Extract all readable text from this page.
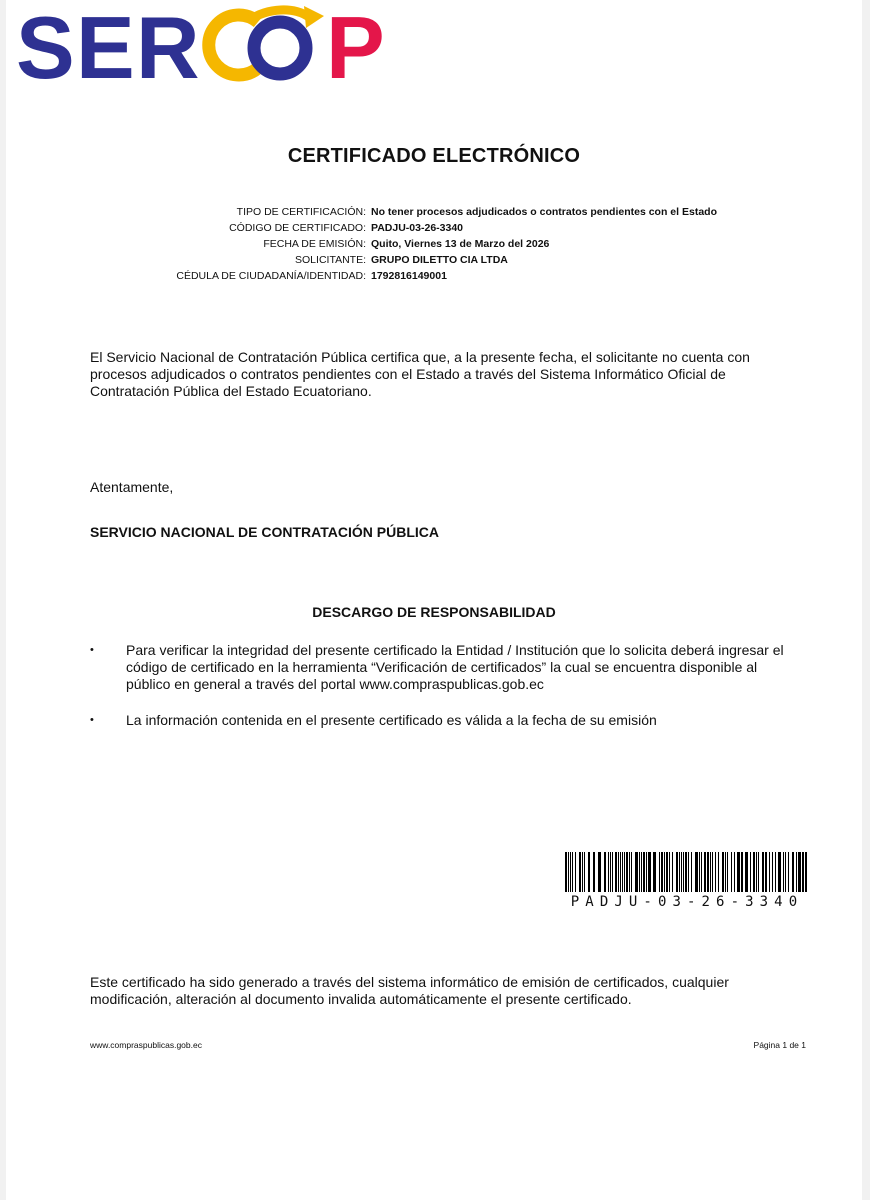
S E R P
CERTIFICADO ELECTRÓNICO
TIPO DE CERTIFICACIÓN: No tener procesos adjudicados o contratos pendientes con el Estado
CÓDIGO DE CERTIFICADO: PADJU-03-26-3340
FECHA DE EMISIÓN: Quito, Viernes 13 de Marzo del 2026
SOLICITANTE: GRUPO DILETTO CIA LTDA
CÉDULA DE CIUDADANÍA/IDENTIDAD: 1792816149001
El Servicio Nacional de Contratación Pública certifica que, a la presente fecha, el solicitante no cuenta con procesos adjudicados o contratos pendientes con el Estado a través del Sistema Informático Oficial de Contratación Pública del Estado Ecuatoriano.
Atentamente,
SERVICIO NACIONAL DE CONTRATACIÓN PÚBLICA
DESCARGO DE RESPONSABILIDAD
•	Para verificar la integridad del presente certificado la Entidad / Institución que lo solicita deberá ingresar el código de certificado en la herramienta “Verificación de certificados” la cual se encuentra disponible al público en general a través del portal www.compraspublicas.gob.ec
•	La información contenida en el presente certificado es válida a la fecha de su emisión
PADJU-03-26-3340
Este certificado ha sido generado a través del sistema informático de emisión de certificados, cualquier modificación, alteración al documento invalida automáticamente el presente certificado.
www.compraspublicas.gob.ec	Página 1 de 1
